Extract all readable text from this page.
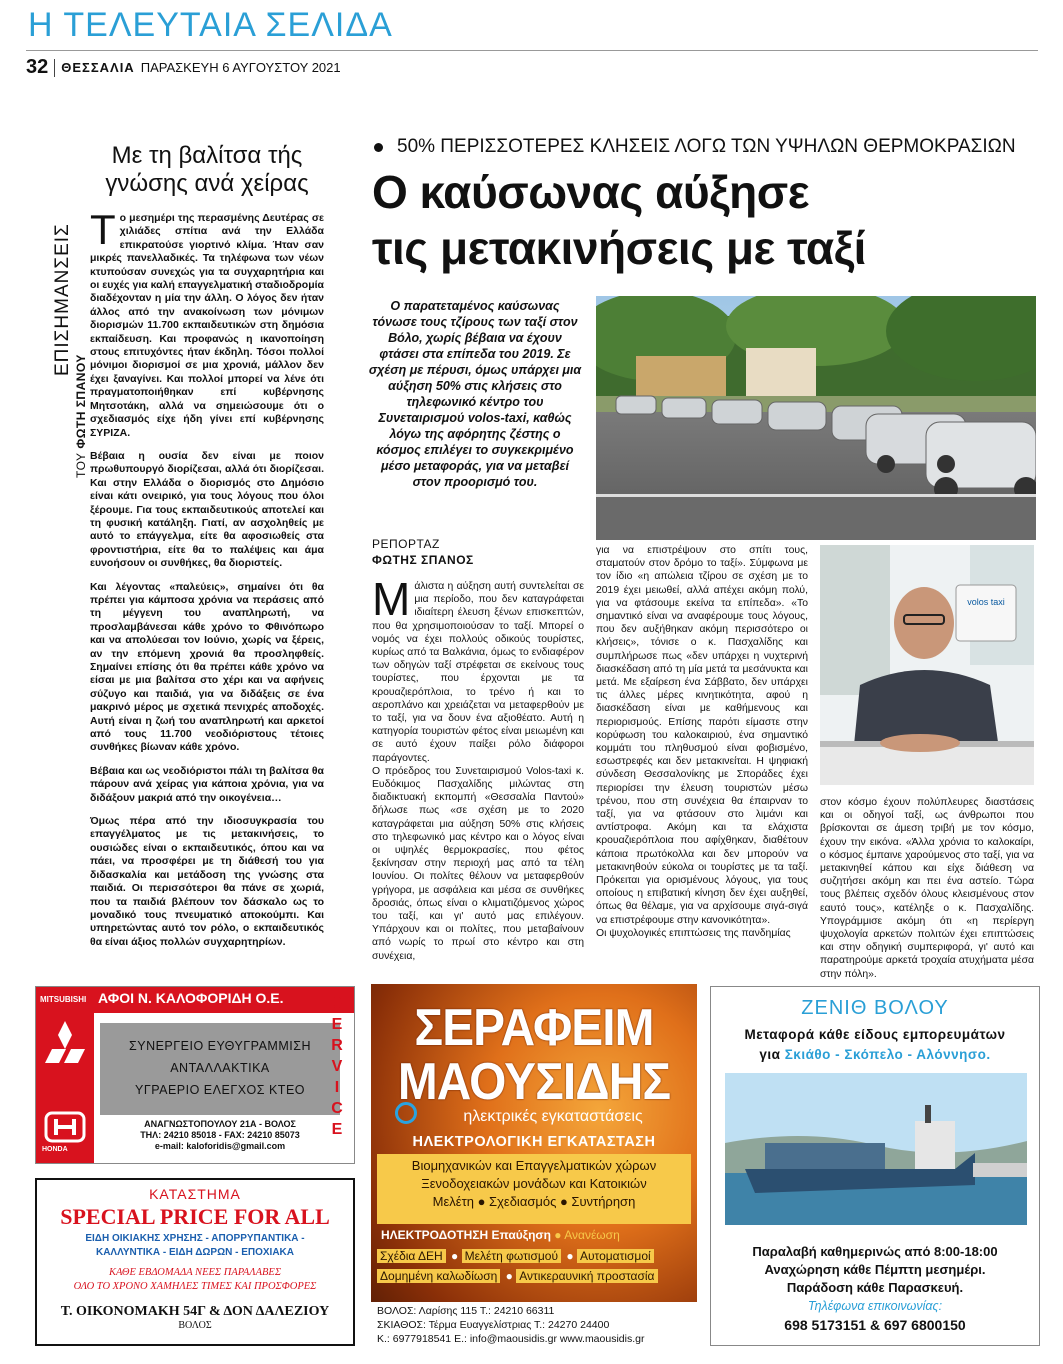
Η ΤΕΛΕΥΤΑΙΑ ΣΕΛΙΔΑ
32 ΘΕΣΣΑΛΙΑ ΠΑΡΑΣΚΕΥΗ 6 ΑΥΓΟΥΣΤΟΥ 2021
ΕΠΙΣΗΜΑΝΣΕΙΣ
ΤΟΥ ΦΩΤΗ ΣΠΑΝΟΥ
Με τη βαλίτσα τής γνώσης ανά χείρας

Το μεσημέρι της περασμένης Δευτέρας σε χιλιάδες σπίτια ανά την Ελλάδα επικρατούσε γιορτινό κλίμα. Ήταν σαν μικρές πανελλαδικές. Τα τηλέφωνα των νέων κτυπούσαν συνεχώς για τα συγχαρητήρια και οι ευχές για καλή επαγγελματική σταδιοδρομία διαδέχονταν η μία την άλλη. Ο λόγος δεν ήταν άλλος από την ανακοίνωση των μόνιμων διορισμών 11.700 εκπαιδευτικών στη δημόσια εκπαίδευση. Και προφανώς η ικανοποίηση στους επιτυχόντες ήταν έκδηλη. Τόσοι πολλοί μόνιμοι διορισμοί σε μια χρονιά, μάλλον δεν έχει ξαναγίνει. Και πολλοί μπορεί να λένε ότι πραγματοποιήθηκαν επί κυβέρνησης Μητσοτάκη, αλλά να σημειώσουμε ότι ο σχεδιασμός είχε ήδη γίνει επί κυβέρνησης ΣΥΡΙΖΑ.

Βέβαια η ουσία δεν είναι με ποιον πρωθυπουργό διορίζεσαι, αλλά ότι διορίζεσαι. Και στην Ελλάδα ο διορισμός στο Δημόσιο είναι κάτι ονειρικό, για τους λόγους που όλοι ξέρουμε. Για τους εκπαιδευτικούς αποτελεί και τη φυσική κατάληξη. Γιατί, αν ασχοληθείς με αυτό το επάγγελμα, είτε θα αφοσιωθείς στα φροντιστήρια, είτε θα το παλέψεις και άμα ευνοήσουν οι συνθήκες, θα διοριστείς.

Και λέγοντας «παλεύεις», σημαίνει ότι θα πρέπει για κάμποσα χρόνια να περάσεις από τη μέγγενη του αναπληρωτή, να προσλαμβάνεσαι κάθε χρόνο το Φθινόπωρο και να απολύεσαι τον Ιούνιο, χωρίς να ξέρεις, αν την επόμενη χρονιά θα προσληφθείς. Σημαίνει επίσης ότι θα πρέπει κάθε χρόνο να είσαι με μια βαλίτσα στο χέρι και να αφήνεις σύζυγο και παιδιά, για να διδάξεις σε ένα μακρινό μέρος με σχετικά πενιχρές αποδοχές. Αυτή είναι η ζωή του αναπληρωτή και αρκετοί από τους 11.700 νεοδιόριστους τέτοιες συνθήκες βίωναν κάθε χρόνο.

Βέβαια και ως νεοδιόριστοι πάλι τη βαλίτσα θα πάρουν ανά χείρας για κάποια χρόνια, για να διδάξουν μακριά από την οικογένεια…

Όμως πέρα από την ιδιοσυγκρασία του επαγγέλματος με τις μετακινήσεις, το ουσιώδες είναι ο εκπαιδευτικός, όπου και να πάει, να προσφέρει με τη διάθεσή του για διδασκαλία και μετάδοση της γνώσης στα παιδιά. Οι περισσότεροι θα πάνε σε χωριά, που τα παιδιά βλέπουν τον δάσκαλο ως το μοναδικό τους πνευματικό αποκούμπι. Και υπηρετώντας αυτό τον ρόλο, ο εκπαιδευτικός θα είναι άξιος πολλών συγχαρητηρίων.

50% ΠΕΡΙΣΣΟΤΕΡΕΣ ΚΛΗΣΕΙΣ ΛΟΓΩ ΤΩΝ ΥΨΗΛΩΝ ΘΕΡΜΟΚΡΑΣΙΩΝ
Ο καύσωνας αύξησε
τις μετακινήσεις με ταξί
Ο παρατεταμένος καύσωνας τόνωσε τους τζίρους των ταξί στον Βόλο, χωρίς βέβαια να έχουν φτάσει στα επίπεδα του 2019. Σε σχέση με πέρυσι, όμως υπάρχει μια αύξηση 50% στις κλήσεις στο τηλεφωνικό κέντρο του Συνεταιρισμού volos-taxi, καθώς λόγω της αφόρητης ζέστης ο κόσμος επιλέγει το συγκεκριμένο μέσο μεταφοράς, για να μεταβεί στον προορισμό του.
ΡΕΠΟΡΤΑΖ
ΦΩΤΗΣ ΣΠΑΝΟΣ

Μάλιστα η αύξηση αυτή συντελείται σε μια περίοδο, που δεν καταγράφεται ιδιαίτερη έλευση ξένων επισκεπτών, που θα χρησιμοποιούσαν το ταξί. Μπορεί ο νομός να έχει πολλούς οδικούς τουρίστες, κυρίως από τα Βαλκάνια, όμως το ενδιαφέρον των οδηγών ταξί στρέφεται σε εκείνους τους τουρίστες, που έρχονται με τα κρουαζιερόπλοια, το τρένο ή και το αεροπλάνο και χρειάζεται να μεταφερθούν με το ταξί, για να δουν ένα αξιοθέατο. Αυτή η κατηγορία τουριστών φέτος είναι μειωμένη και σε αυτό έχουν παίξει ρόλο διάφοροι παράγοντες.

Ο πρόεδρος του Συνεταιρισμού Volos-taxi κ. Ευδόκιμος Πασχαλίδης μιλώντας στη διαδικτυακή εκπομπή «Θεσσαλία Παντού» δήλωσε πως «σε σχέση με το 2020 καταγράφεται μια αύξηση 50% στις κλήσεις στο τηλεφωνικό μας κέντρο και ο λόγος είναι οι υψηλές θερμοκρασίες, που φέτος ξεκίνησαν στην περιοχή μας από τα τέλη Ιουνίου. Οι πολίτες θέλουν να μεταφερθούν γρήγορα, με ασφάλεια και μέσα σε συνθήκες δροσιάς, όπως είναι ο κλιματιζόμενος χώρος του ταξί, και γι' αυτό μας επιλέγουν. Υπάρχουν και οι πολίτες, που μεταβαίνουν από νωρίς το πρωί στο κέντρο και στη συνέχεια,

για να επιστρέψουν στο σπίτι τους, σταματούν στον δρόμο το ταξί». Σύμφωνα με τον ίδιο «η απώλεια τζίρου σε σχέση με το 2019 έχει μειωθεί, αλλά απέχει ακόμη πολύ, για να φτάσουμε εκείνα τα επίπεδα». «Το σημαντικό είναι να αναφέρουμε τους λόγους, που δεν αυξήθηκαν ακόμη περισσότερο οι κλήσεις», τόνισε ο κ. Πασχαλίδης και συμπλήρωσε πως «δεν υπάρχει η νυχτερινή διασκέδαση από τη μία μετά τα μεσάνυκτα και μετά. Με εξαίρεση ένα Σάββατο, δεν υπάρχει τις άλλες μέρες κινητικότητα, αφού η διασκέδαση είναι με καθήμενους και περιορισμούς. Επίσης παρότι είμαστε στην κορύφωση του καλοκαιριού, ένα σημαντικό κομμάτι του πληθυσμού είναι φοβισμένο, εσωστρεφές και δεν μετακινείται. Η ψηφιακή σύνδεση Θεσσαλονίκης με Σποράδες έχει περιορίσει την έλευση τουριστών μέσω τρένου, που στη συνέχεια θα έπαιρναν το ταξί, για να φτάσουν στο λιμάνι και αντίστροφα. Ακόμη και τα ελάχιστα κρουαζιερόπλοια που αφίχθηκαν, διαθέτουν κάποια πρωτόκολλα και δεν μπορούν να μετακινηθούν εύκολα οι τουρίστες με τα ταξί. Πρόκειται για ορισμένους λόγους, για τους οποίους η επιβατική κίνηση δεν έχει αυξηθεί, όπως θα θέλαμε, για να αρχίσουμε σιγά-σιγά να επιστρέφουμε στην κανονικότητα».

Οι ψυχολογικές επιπτώσεις της πανδημίας

volos taxi

στον κόσμο έχουν πολύπλευρες διαστάσεις και οι οδηγοί ταξί, ως άνθρωποι που βρίσκονται σε άμεση τριβή με τον κόσμο, έχουν την εικόνα. «Άλλα χρόνια το καλοκαίρι, ο κόσμος έμπαινε χαρούμενος στο ταξί, για να μετακινηθεί κάπου και είχε διάθεση να συζητήσει ακόμη και πει ένα αστείο. Τώρα τους βλέπεις σχεδόν όλους κλεισμένους στον εαυτό τους», κατέληξε ο κ. Πασχαλίδης. Υπογράμμισε ακόμη ότι «η περίεργη ψυχολογία αρκετών πολιτών έχει επιπτώσεις και στην οδηγική συμπεριφορά, γι' αυτό και παρατηρούμε αρκετά τροχαία ατυχήματα μέσα στην πόλη».

MITSUBISHI
HONDA
ΑΦΟΙ Ν. ΚΑΛΟΦΟΡΙΔΗ Ο.Ε.
ΣΥΝΕΡΓΕΙΟ ΕΥΘΥΓΡΑΜΜΙΣΗ
ΑΝΤΑΛΛΑΚΤΙΚΑ
ΥΓΡΑΕΡΙΟ ΕΛΕΓΧΟΣ ΚΤΕΟ
S
E
R
V
I
C
E
ΑΝΑΓΝΩΣΤΟΠΟΥΛΟΥ 21Α - ΒΟΛΟΣ
ΤΗΛ: 24210 85018 - FAX: 24210 85073
e-mail: kaloforidis@gmail.com
ΚΑΤΑΣΤΗΜΑ
SPECIAL PRICE FOR ALL
ΕΙΔΗ ΟΙΚΙΑΚΗΣ ΧΡΗΣΗΣ - ΑΠΟΡΡΥΠΑΝΤΙΚΑ -
ΚΑΛΛΥΝΤΙΚΑ - ΕΙΔΗ ΔΩΡΩΝ - ΕΠΟΧΙΑΚΑ
ΚΑΘΕ ΕΒΔΟΜΑΔΑ ΝΕΕΣ ΠΑΡΑΛΑΒΕΣ
ΟΛΟ ΤΟ ΧΡΟΝΟ ΧΑΜΗΛΕΣ ΤΙΜΕΣ ΚΑΙ ΠΡΟΣΦΟΡΕΣ
Τ. ΟΙΚΟΝΟΜΑΚΗ 54Γ & ΔΟΝ ΔΑΛΕΖΙΟΥ
ΒΟΛΟΣ
ΣΕΡΑΦΕΙΜ
ΜΑΟΥΣΙΔΗΣ
ηλεκτρικές εγκαταστάσεις
ΗΛΕΚΤΡΟΛΟΓΙΚΗ ΕΓΚΑΤΑΣΤΑΣΗ
Βιομηχανικών και Επαγγελματικών χώρων
Ξενοδοχειακών μονάδων και Κατοικιών
Μελέτη ● Σχεδιασμός ● Συντήρηση
ΗΛΕΚΤΡΟΔΟΤΗΣΗ Επαύξηση ● Ανανέωση
Σχέδια ΔΕΗ ● Μελέτη φωτισμού ● Αυτοματισμοί
Δομημένη καλωδίωση ● Αντικεραυνική προστασία
ΒΟΛΟΣ: Λαρίσης 115 Τ.: 24210 66311
ΣΚΙΑΘΟΣ: Τέρμα Ευαγγελίστριας Τ.: 24270 24400
Κ.: 6977918541 Ε.: info@maousidis.gr www.maousidis.gr
ΖΕΝΙΘ ΒΟΛΟΥ
Μεταφορά κάθε είδους εμπορευμάτων
για Σκιάθο - Σκόπελο - Αλόννησο.
Παραλαβή καθημερινώς από 8:00-18:00
Αναχώρηση κάθε Πέμπτη μεσημέρι.
Παράδοση κάθε Παρασκευή.
Τηλέφωνα επικοινωνίας:
698 5173151 & 697 6800150
